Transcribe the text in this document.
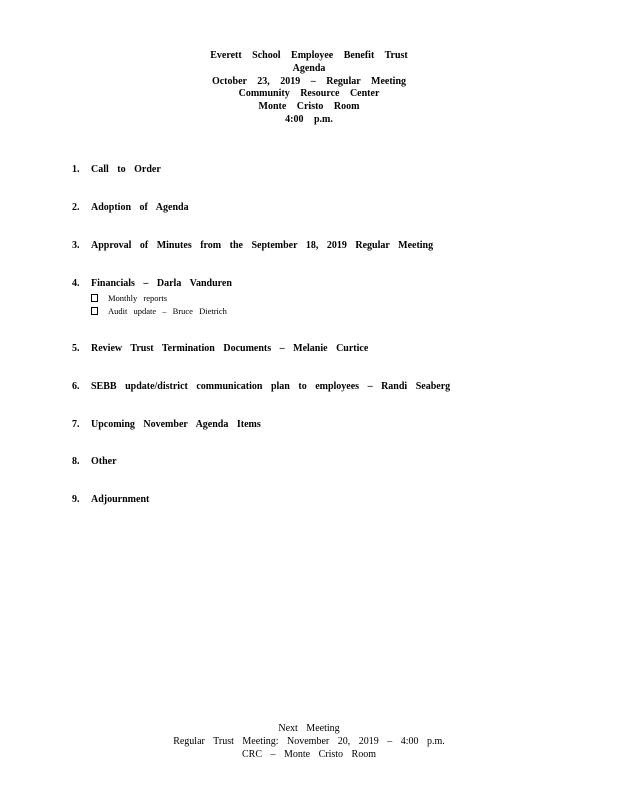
Everett School Employee Benefit Trust
Agenda
October 23, 2019 – Regular Meeting
Community Resource Center
Monte Cristo Room
4:00 p.m.
1. Call to Order
2. Adoption of Agenda
3. Approval of Minutes from the September 18, 2019 Regular Meeting
4. Financials – Darla Vanduren
Monthly reports
Audit update – Bruce Dietrich
5. Review Trust Termination Documents – Melanie Curtice
6. SEBB update/district communication plan to employees – Randi Seaberg
7. Upcoming November Agenda Items
8. Other
9. Adjournment
Next Meeting
Regular Trust Meeting: November 20, 2019 – 4:00 p.m.
CRC – Monte Cristo Room
